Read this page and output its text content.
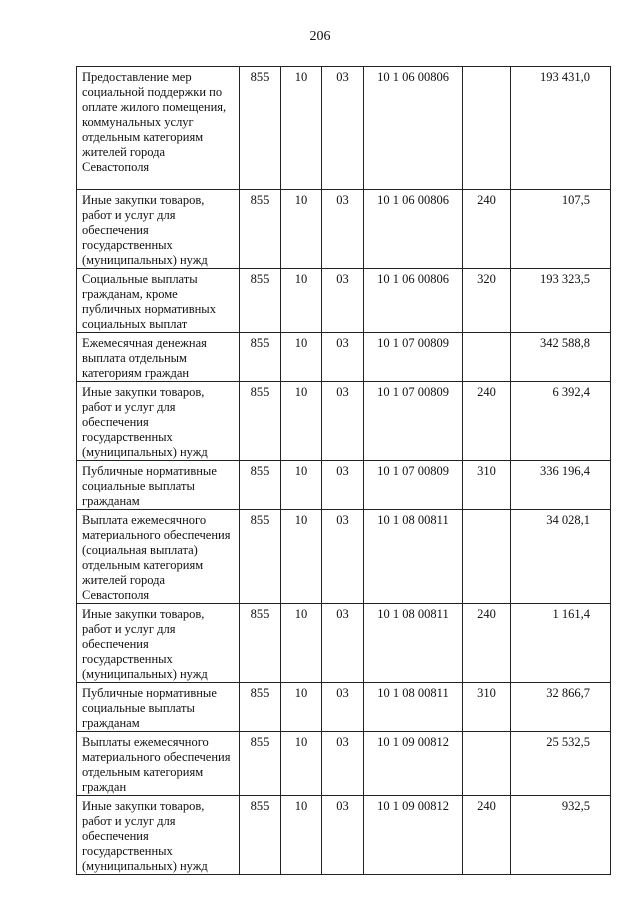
206
Предоставление мер социальной поддержки по оплате жилого помещения, коммунальных услуг отдельным категориям жителей города Севастополя	855	10	03	10 1 06 00806		193 431,0
Иные закупки товаров, работ и услуг для обеспечения государственных (муниципальных) нужд	855	10	03	10 1 06 00806	240	107,5
Социальные выплаты гражданам, кроме публичных нормативных социальных выплат	855	10	03	10 1 06 00806	320	193 323,5
Ежемесячная денежная выплата отдельным категориям граждан	855	10	03	10 1 07 00809		342 588,8
Иные закупки товаров, работ и услуг для обеспечения государственных (муниципальных) нужд	855	10	03	10 1 07 00809	240	6 392,4
Публичные нормативные социальные выплаты гражданам	855	10	03	10 1 07 00809	310	336 196,4
Выплата ежемесячного материального обеспечения (социальная выплата) отдельным категориям жителей города Севастополя	855	10	03	10 1 08 00811		34 028,1
Иные закупки товаров, работ и услуг для обеспечения государственных (муниципальных) нужд	855	10	03	10 1 08 00811	240	1 161,4
Публичные нормативные социальные выплаты гражданам	855	10	03	10 1 08 00811	310	32 866,7
Выплаты ежемесячного материального обеспечения отдельным категориям граждан	855	10	03	10 1 09 00812		25 532,5
Иные закупки товаров, работ и услуг для обеспечения государственных (муниципальных) нужд	855	10	03	10 1 09 00812	240	932,5
